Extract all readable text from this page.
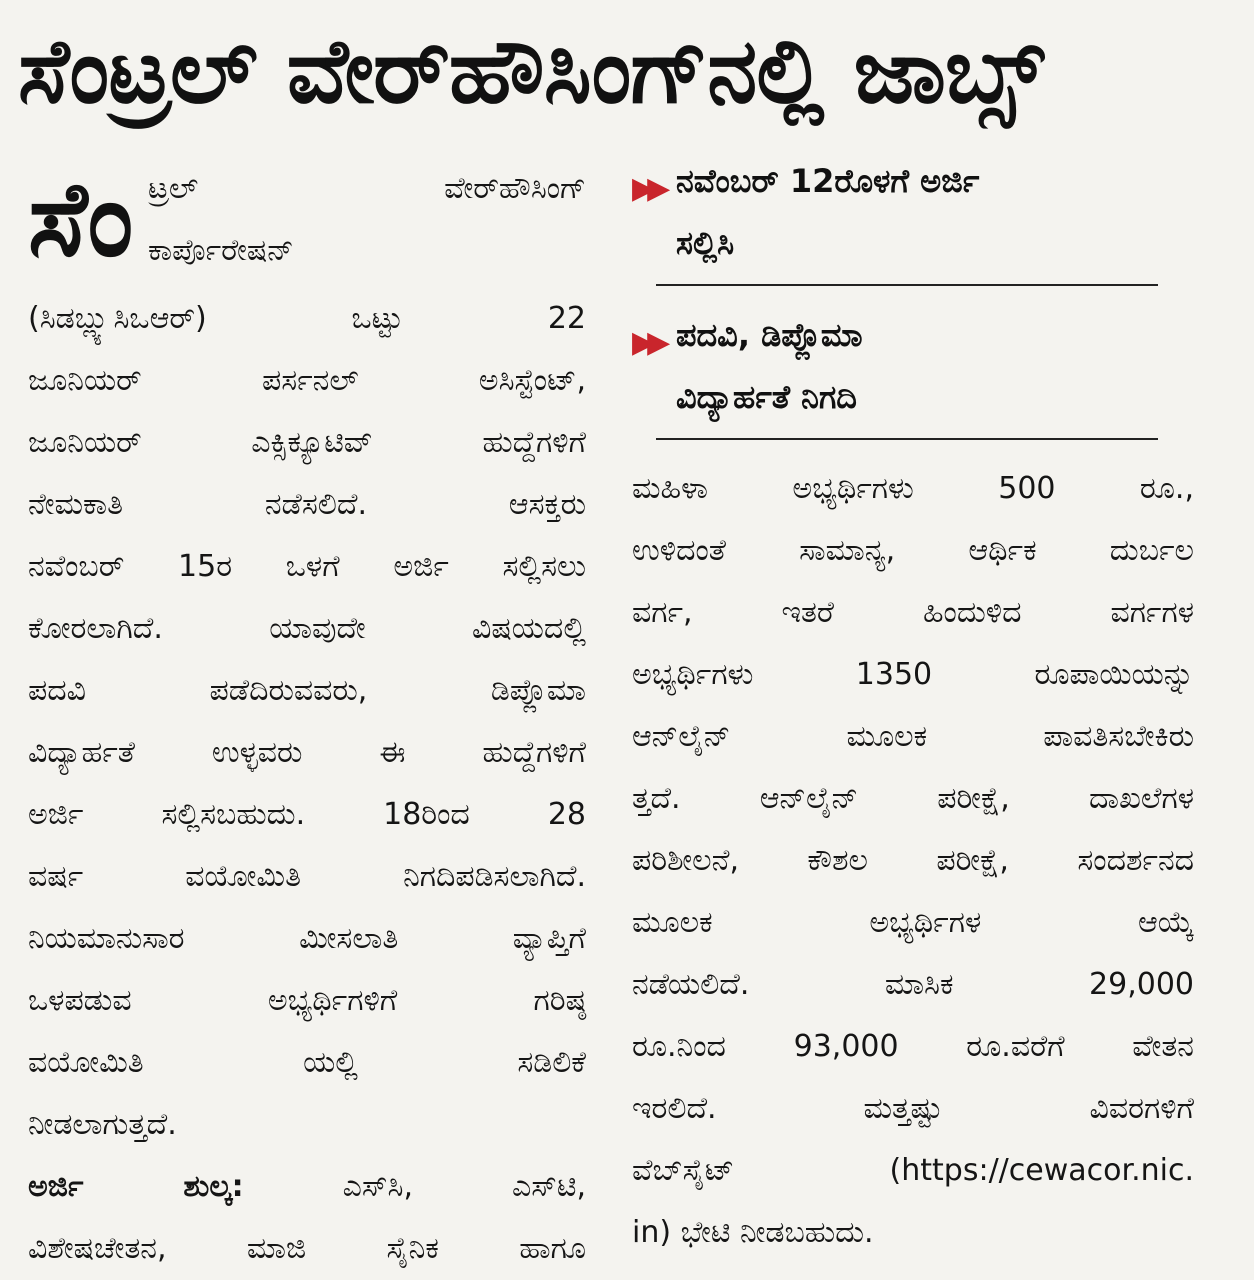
ಸೆಂಟ್ರಲ್ ವೇರ್‌ಹೌಸಿಂಗ್‌ನಲ್ಲಿ ಜಾಬ್ಸ್
ಸೆಂ ಟ್ರಲ್ ವೇರ್‌ಹೌಸಿಂಗ್
ಕಾರ್ಪೊರೇಷನ್

(ಸಿಡಬ್ಲ್ಯುಸಿಒಆರ್) ಒಟ್ಟು 22
ಜೂನಿಯರ್ ಪರ್ಸನಲ್ ಅಸಿಸ್ಟೆಂಟ್,
ಜೂನಿಯರ್ ಎಕ್ಸಿಕ್ಯೂಟಿವ್ ಹುದ್ದೆಗಳಿಗೆ
ನೇಮಕಾತಿ ನಡೆಸಲಿದೆ. ಆಸಕ್ತರು
ನವೆಂಬರ್ 15ರ ಒಳಗೆ ಅರ್ಜಿ ಸಲ್ಲಿಸಲು
ಕೋರಲಾಗಿದೆ. ಯಾವುದೇ ವಿಷಯದಲ್ಲಿ
ಪದವಿ ಪಡೆದಿರುವವರು, ಡಿಪ್ಲೊಮಾ
ವಿದ್ಯಾರ್ಹತೆ ಉಳ್ಳವರು ಈ ಹುದ್ದೆಗಳಿಗೆ
ಅರ್ಜಿ ಸಲ್ಲಿಸಬಹುದು. 18ರಿಂದ 28
ವರ್ಷ ವಯೋಮಿತಿ ನಿಗದಿಪಡಿಸಲಾಗಿದೆ.
ನಿಯಮಾನುಸಾರ ಮೀಸಲಾತಿ ವ್ಯಾಪ್ತಿಗೆ
ಒಳಪಡುವ ಅಭ್ಯರ್ಥಿಗಳಿಗೆ ಗರಿಷ್ಠ
ವಯೋಮಿತಿ ಯಲ್ಲಿ ಸಡಿಲಿಕೆ
ನೀಡಲಾಗುತ್ತದೆ.
ಅರ್ಜಿ ಶುಲ್ಕ:	ಎಸ್‌ಸಿ, ಎಸ್‌ಟಿ,
ವಿಶೇಷಚೇತನ, ಮಾಜಿ ಸೈನಿಕ ಹಾಗೂ

▶▶ ನವೆಂಬರ್ 12ರೊಳಗೆ ಅರ್ಜಿ
ಸಲ್ಲಿಸಿ
▶▶ ಪದವಿ, ಡಿಪ್ಲೊಮಾ
ವಿದ್ಯಾರ್ಹತೆ ನಿಗದಿ

ಮಹಿಳಾ ಅಭ್ಯರ್ಥಿಗಳು 500 ರೂ.,
ಉಳಿದಂತೆ ಸಾಮಾನ್ಯ, ಆರ್ಥಿಕ ದುರ್ಬಲ
ವರ್ಗ, ಇತರೆ ಹಿಂದುಳಿದ ವರ್ಗಗಳ
ಅಭ್ಯರ್ಥಿಗಳು 1350 ರೂಪಾಯಿಯನ್ನು
ಆನ್‌ಲೈನ್ ಮೂಲಕ ಪಾವತಿಸಬೇಕಿರು
ತ್ತದೆ. ಆನ್‌ಲೈನ್ ಪರೀಕ್ಷೆ, ದಾಖಲೆಗಳ
ಪರಿಶೀಲನೆ, ಕೌಶಲ ಪರೀಕ್ಷೆ, ಸಂದರ್ಶನದ
ಮೂಲಕ ಅಭ್ಯರ್ಥಿಗಳ ಆಯ್ಕೆ
ನಡೆಯಲಿದೆ. ಮಾಸಿಕ 29,000
ರೂ.ನಿಂದ 93,000 ರೂ.ವರೆಗೆ ವೇತನ
ಇರಲಿದೆ. ಮತ್ತಷ್ಟು ವಿವರಗಳಿಗೆ
ವೆಬ್‌ಸೈಟ್ (https://cewacor.nic.
in) ಭೇಟಿ ನೀಡಬಹುದು.
